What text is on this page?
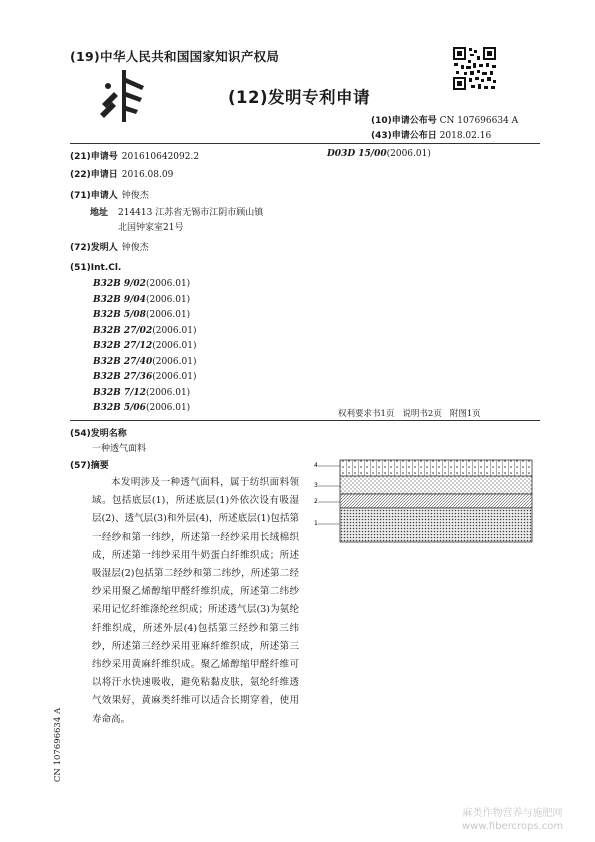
(19)中华人民共和国国家知识产权局
(12)发明专利申请
(10)申请公布号 CN 107696634 A
(43)申请公布日 2018.02.16
(21)申请号 201610642092.2	D03D 15/00(2006.01)
(22)申请日 2016.08.09
(71)申请人 钟俊杰
地址 214413 江苏省无锡市江阴市顾山镇
北国钟家室21号
(72)发明人 钟俊杰
(51)Int.Cl.
B32B 9/02(2006.01)
B32B 9/04(2006.01)
B32B 5/08(2006.01)
B32B 27/02(2006.01)
B32B 27/12(2006.01)
B32B 27/40(2006.01)
B32B 27/36(2006.01)
B32B 7/12(2006.01)
B32B 5/06(2006.01)
权利要求书1页 说明书2页 附图1页
(54)发明名称
一种透气面料
(57)摘要
本发明涉及一种透气面料，属于纺织面料领域。包括底层(1)，所述底层(1)外依次设有吸湿层(2)、透气层(3)和外层(4)，所述底层(1)包括第一经纱和第一纬纱，所述第一经纱采用长绒棉织成，所述第一纬纱采用牛奶蛋白纤维织成；所述吸湿层(2)包括第二经纱和第二纬纱，所述第二经纱采用聚乙烯醇缩甲醛纤维织成，所述第二纬纱采用记忆纤维涤纶丝织成；所述透气层(3)为氨纶纤维织成，所述外层(4)包括第三经纱和第三纬纱，所述第三经纱采用亚麻纤维织成，所述第三纬纱采用黄麻纤维织成。聚乙烯醇缩甲醛纤维可以将汗水快速吸收，避免粘黏皮肤，氨纶纤维透气效果好，黄麻类纤维可以适合长期穿着，使用寿命高。
4
3
2
1
CN 107696634 A
麻类作物营养与施肥网
www.fibercrops.com
